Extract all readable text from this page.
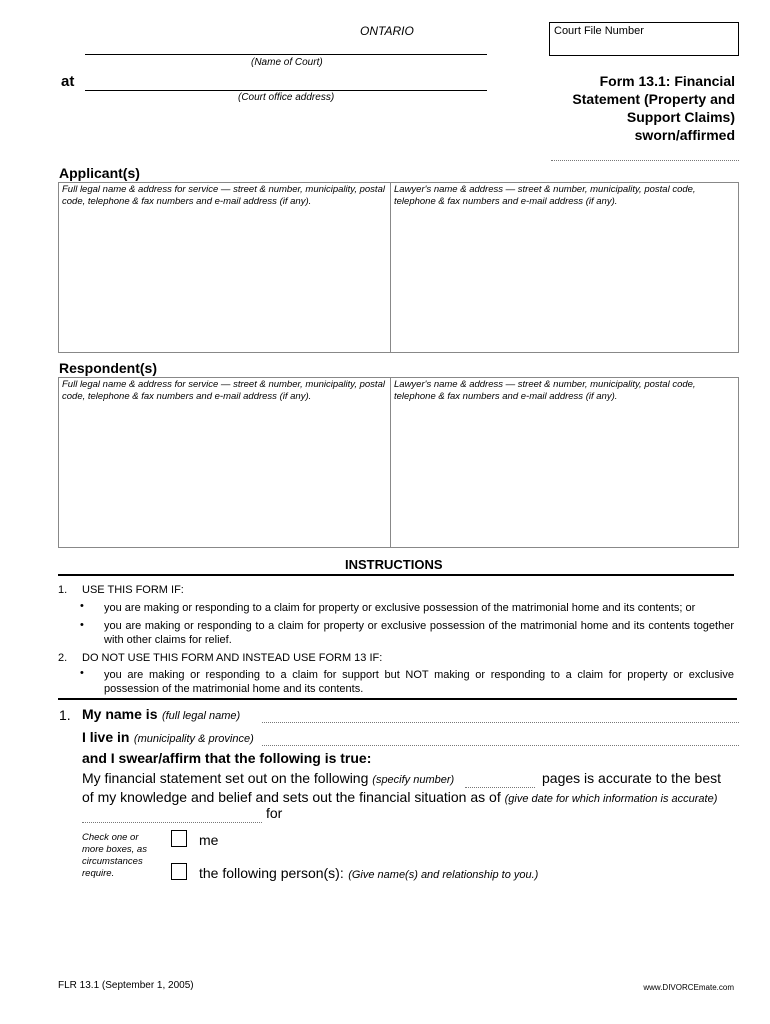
ONTARIO
(Name of Court)
at
(Court office address)
Court File Number
Form 13.1: Financial
Statement (Property and
Support Claims)
sworn/affirmed
Applicant(s)
Full legal name & address for service — street & number, municipality, postal code, telephone & fax numbers and e-mail address (if any).
Lawyer's name & address — street & number, municipality, postal code, telephone & fax numbers and e-mail address (if any).
Respondent(s)
Full legal name & address for service — street & number, municipality, postal code, telephone & fax numbers and e-mail address (if any).
Lawyer's name & address — street & number, municipality, postal code, telephone & fax numbers and e-mail address (if any).
INSTRUCTIONS
1. USE THIS FORM IF:
• you are making or responding to a claim for property or exclusive possession of the matrimonial home and its contents; or
• you are making or responding to a claim for property or exclusive possession of the matrimonial home and its contents together with other claims for relief.
2. DO NOT USE THIS FORM AND INSTEAD USE FORM 13 IF:
• you are making or responding to a claim for support but NOT making or responding to a claim for property or exclusive possession of the matrimonial home and its contents.
1. My name is (full legal name)
I live in (municipality & province)
and I swear/affirm that the following is true:
My financial statement set out on the following (specify number)	pages is accurate to the best
of my knowledge and belief and sets out the financial situation as of (give date for which information is accurate)
for
Check one or
more boxes, as
circumstances
require.
me
the following person(s): (Give name(s) and relationship to you.)
FLR 13.1 (September 1, 2005)	www.DIVORCEmate.com
